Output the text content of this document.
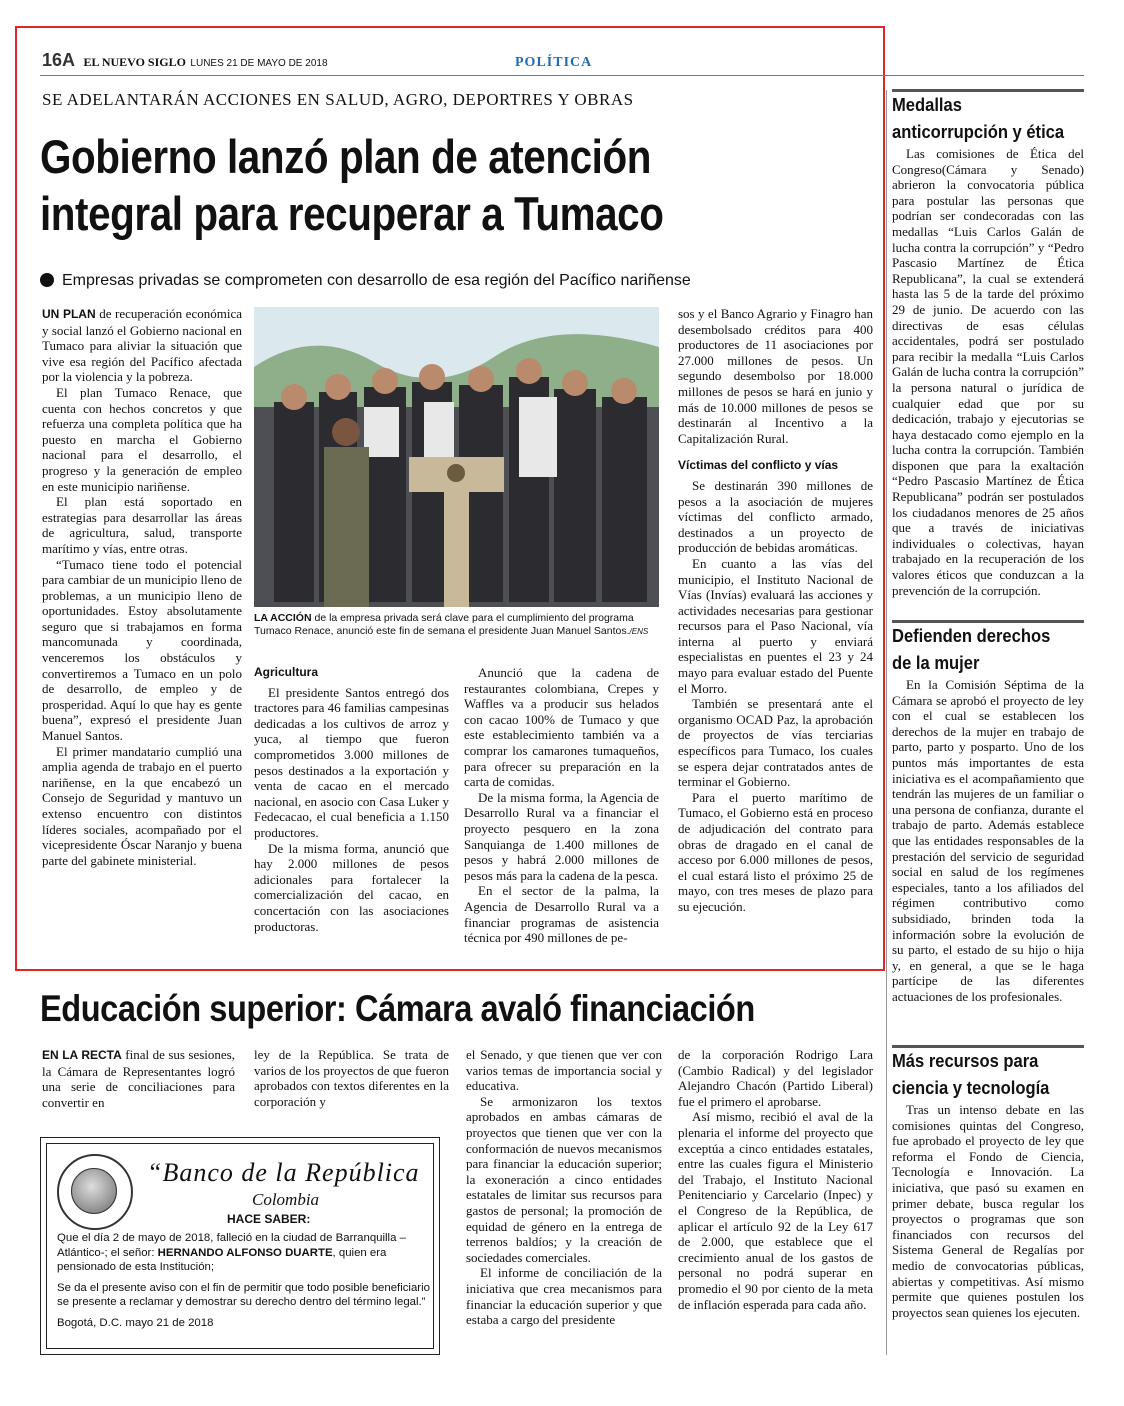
16A EL NUEVO SIGLO LUNES 21 DE MAYO DE 2018	POLÍTICA
SE ADELANTARÁN ACCIONES EN SALUD, AGRO, DEPORTRES Y OBRAS
Gobierno lanzó plan de atención
integral para recuperar a Tumaco
Empresas privadas se comprometen con desarrollo de esa región del Pacífico nariñense

UN PLAN de recuperación económica y social lanzó el Gobierno nacional en Tumaco para aliviar la situación que vive esa región del Pacífico afectada por la violencia y la pobreza.

El plan Tumaco Renace, que cuenta con hechos concretos y que refuerza una completa política que ha puesto en marcha el Gobierno nacional para el desarrollo, el progreso y la generación de empleo en este municipio nariñense.

El plan está soportado en estrategias para desarrollar las áreas de agricultura, salud, transporte marítimo y vías, entre otras.

“Tumaco tiene todo el potencial para cambiar de un municipio lleno de problemas, a un municipio lleno de oportunidades. Estoy absolutamente seguro que si trabajamos en forma mancomunada y coordinada, venceremos los obstáculos y convertiremos a Tumaco en un polo de desarrollo, de empleo y de prosperidad. Aquí lo que hay es gente buena”, expresó el presidente Juan Manuel Santos.

El primer mandatario cumplió una amplia agenda de trabajo en el puerto nariñense, en la que encabezó un Consejo de Seguridad y mantuvo un extenso encuentro con distintos líderes sociales, acompañado por el vicepresidente Óscar Naranjo y buena parte del gabinete ministerial.

LA ACCIÓN de la empresa privada será clave para el cumplimiento del programa Tumaco Renace, anunció este fin de semana el presidente Juan Manuel Santos./ENS

Agricultura

El presidente Santos entregó dos tractores para 46 familias campesinas dedicadas a los cultivos de arroz y yuca, al tiempo que fueron comprometidos 3.000 millones de pesos destinados a la exportación y venta de cacao en el mercado nacional, en asocio con Casa Luker y Fedecacao, el cual beneficia a 1.150 productores.

De la misma forma, anunció que hay 2.000 millones de pesos adicionales para fortalecer la comercialización del cacao, en concertación con las asociaciones productoras.

Anunció que la cadena de restaurantes colombiana, Crepes y Waffles va a producir sus helados con cacao 100% de Tumaco y que este establecimiento también va a comprar los camarones tumaqueños, para ofrecer su preparación en la carta de comidas.

De la misma forma, la Agencia de Desarrollo Rural va a financiar el proyecto pesquero en la zona Sanquianga de 1.400 millones de pesos y habrá 2.000 millones de pesos más para la cadena de la pesca.

En el sector de la palma, la Agencia de Desarrollo Rural va a financiar programas de asistencia técnica por 490 millones de pe-

sos y el Banco Agrario y Finagro han desembolsado créditos para 400 productores de 11 asociaciones por 27.000 millones de pesos. Un segundo desembolso por 18.000 millones de pesos se hará en junio y más de 10.000 millones de pesos se destinarán al Incentivo a la Capitalización Rural.

Víctimas del conflicto y vías

Se destinarán 390 millones de pesos a la asociación de mujeres víctimas del conflicto armado, destinados a un proyecto de producción de bebidas aromáticas.

En cuanto a las vías del municipio, el Instituto Nacional de Vías (Invías) evaluará las acciones y actividades necesarias para gestionar recursos para el Paso Nacional, vía interna al puerto y enviará especialistas en puentes el 23 y 24 mayo para evaluar estado del Puente el Morro.

También se presentará ante el organismo OCAD Paz, la aprobación de proyectos de vías terciarias específicos para Tumaco, los cuales se espera dejar contratados antes de terminar el Gobierno.

Para el puerto marítimo de Tumaco, el Gobierno está en proceso de adjudicación del contrato para obras de dragado en el canal de acceso por 6.000 millones de pesos, el cual estará listo el próximo 25 de mayo, con tres meses de plazo para su ejecución.

Medallas
anticorrupción y ética

Las comisiones de Ética del Congreso(Cámara y Senado) abrieron la convocatoria pública para postular las personas que podrían ser condecoradas con las medallas “Luis Carlos Galán de lucha contra la corrupción” y “Pedro Pascasio Martínez de Ética Republicana”, la cual se extenderá hasta las 5 de la tarde del próximo 29 de junio. De acuerdo con las directivas de esas células accidentales, podrá ser postulado para recibir la medalla “Luis Carlos Galán de lucha contra la corrupción” la persona natural o jurídica de cualquier edad que por su dedicación, trabajo y ejecutorias se haya destacado como ejemplo en la lucha contra la corrupción. También disponen que para la exaltación “Pedro Pascasio Martínez de Ética Republicana” podrán ser postulados los ciudadanos menores de 25 años que a través de iniciativas individuales o colectivas, hayan trabajado en la recuperación de los valores éticos que conduzcan a la prevención de la corrupción.

Defienden derechos
de la mujer

En la Comisión Séptima de la Cámara se aprobó el proyecto de ley con el cual se establecen los derechos de la mujer en trabajo de parto, parto y posparto. Uno de los puntos más importantes de esta iniciativa es el acompañamiento que tendrán las mujeres de un familiar o una persona de confianza, durante el trabajo de parto. Además establece que las entidades responsables de la prestación del servicio de seguridad social en salud de los regímenes especiales, tanto a los afiliados del régimen contributivo como subsidiado, brinden toda la información sobre la evolución de su parto, el estado de su hijo o hija y, en general, a que se le haga partícipe de las diferentes actuaciones de los profesionales.

Más recursos para
ciencia y tecnología

Tras un intenso debate en las comisiones quintas del Congreso, fue aprobado el proyecto de ley que reforma el Fondo de Ciencia, Tecnología e Innovación. La iniciativa, que pasó su examen en primer debate, busca regular los proyectos o programas que son financiados con recursos del Sistema General de Regalías por medio de convocatorias públicas, abiertas y competitivas. Así mismo permite que quienes postulen los proyectos sean quienes los ejecuten.

Educación superior: Cámara avaló financiación

EN LA RECTA final de sus sesiones, la Cámara de Representantes logró una serie de conciliaciones para convertir en

ley de la República. Se trata de varios de los proyectos de que fueron aprobados con textos diferentes en la corporación y

el Senado, y que tienen que ver con varios temas de importancia social y educativa.

Se armonizaron los textos aprobados en ambas cámaras de proyectos que tienen que ver con la conformación de nuevos mecanismos para financiar la educación superior; la exoneración a cinco entidades estatales de limitar sus recursos para gastos de personal; la promoción de equidad de género en la entrega de terrenos baldíos; y la creación de sociedades comerciales.

El informe de conciliación de la iniciativa que crea mecanismos para financiar la educación superior y que estaba a cargo del presidente

de la corporación Rodrigo Lara (Cambio Radical) y del legislador Alejandro Chacón (Partido Liberal) fue el primero el aprobarse.

Así mismo, recibió el aval de la plenaria el informe del proyecto que exceptúa a cinco entidades estatales, entre las cuales figura el Ministerio del Trabajo, el Instituto Nacional Penitenciario y Carcelario (Inpec) y el Congreso de la República, de aplicar el artículo 92 de la Ley 617 de 2.000, que establece que el crecimiento anual de los gastos de personal no podrá superar en promedio el 90 por ciento de la meta de inflación esperada para cada año.

“Banco de la República
Colombia
HACE SABER:

Que el día 2 de mayo de 2018, falleció en la ciudad de Barranquilla – Atlántico-; el señor: HERNANDO ALFONSO DUARTE, quien era pensionado de esta Institución;

Se da el presente aviso con el fin de permitir que todo posible beneficiario se presente a reclamar y demostrar su derecho dentro del término legal.”

Bogotá, D.C. mayo 21 de 2018
